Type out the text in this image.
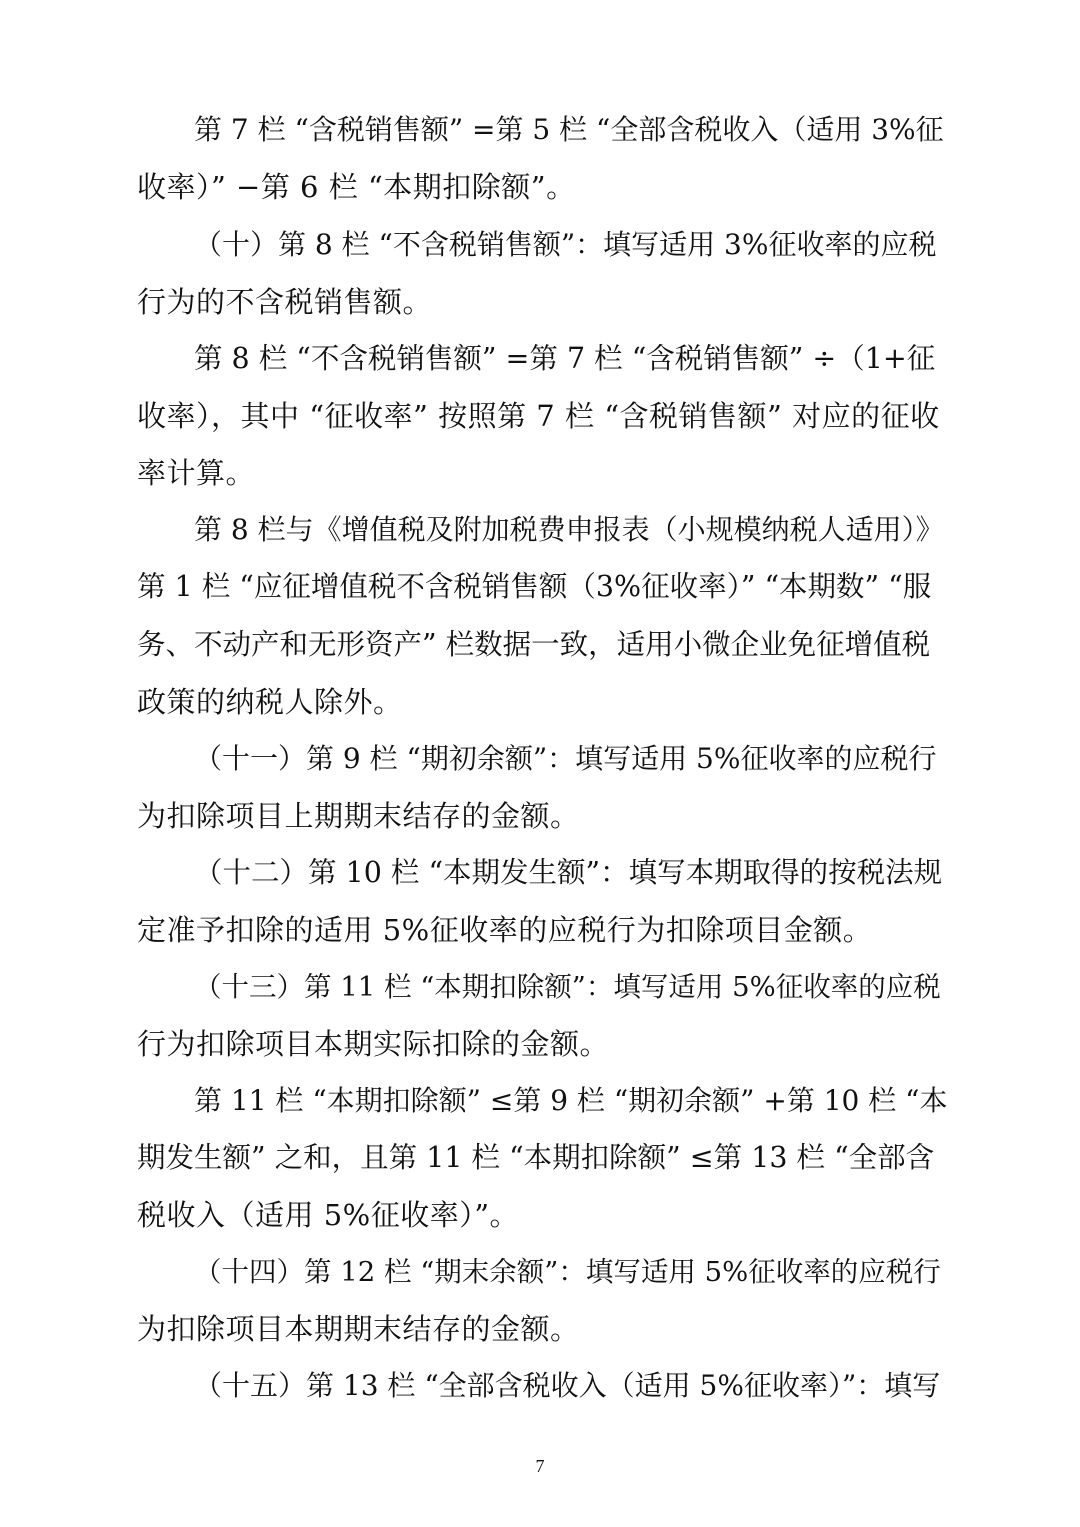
第 7 栏 “含税销售额” =第 5 栏 “全部含税收入（适用 3%征
收率）” −第 6 栏 “本期扣除额”。
（十）第 8 栏 “不含税销售额”：填写适用 3%征收率的应税
行为的不含税销售额。
第 8 栏 “不含税销售额” =第 7 栏 “含税销售额” ÷（1+征
收率），其中 “征收率” 按照第 7 栏 “含税销售额” 对应的征收
率计算。
第 8 栏与《增值税及附加税费申报表（小规模纳税人适用）》
第 1 栏 “应征增值税不含税销售额（3%征收率）” “本期数” “服
务、不动产和无形资产” 栏数据一致，适用小微企业免征增值税
政策的纳税人除外。
（十一）第 9 栏 “期初余额”：填写适用 5%征收率的应税行
为扣除项目上期期末结存的金额。
（十二）第 10 栏 “本期发生额”：填写本期取得的按税法规
定准予扣除的适用 5%征收率的应税行为扣除项目金额。
（十三）第 11 栏 “本期扣除额”：填写适用 5%征收率的应税
行为扣除项目本期实际扣除的金额。
第 11 栏 “本期扣除额” ≤第 9 栏 “期初余额” +第 10 栏 “本
期发生额” 之和，且第 11 栏 “本期扣除额” ≤第 13 栏 “全部含
税收入（适用 5%征收率）”。
（十四）第 12 栏 “期末余额”：填写适用 5%征收率的应税行
为扣除项目本期期末结存的金额。
（十五）第 13 栏 “全部含税收入（适用 5%征收率）”：填写
7
